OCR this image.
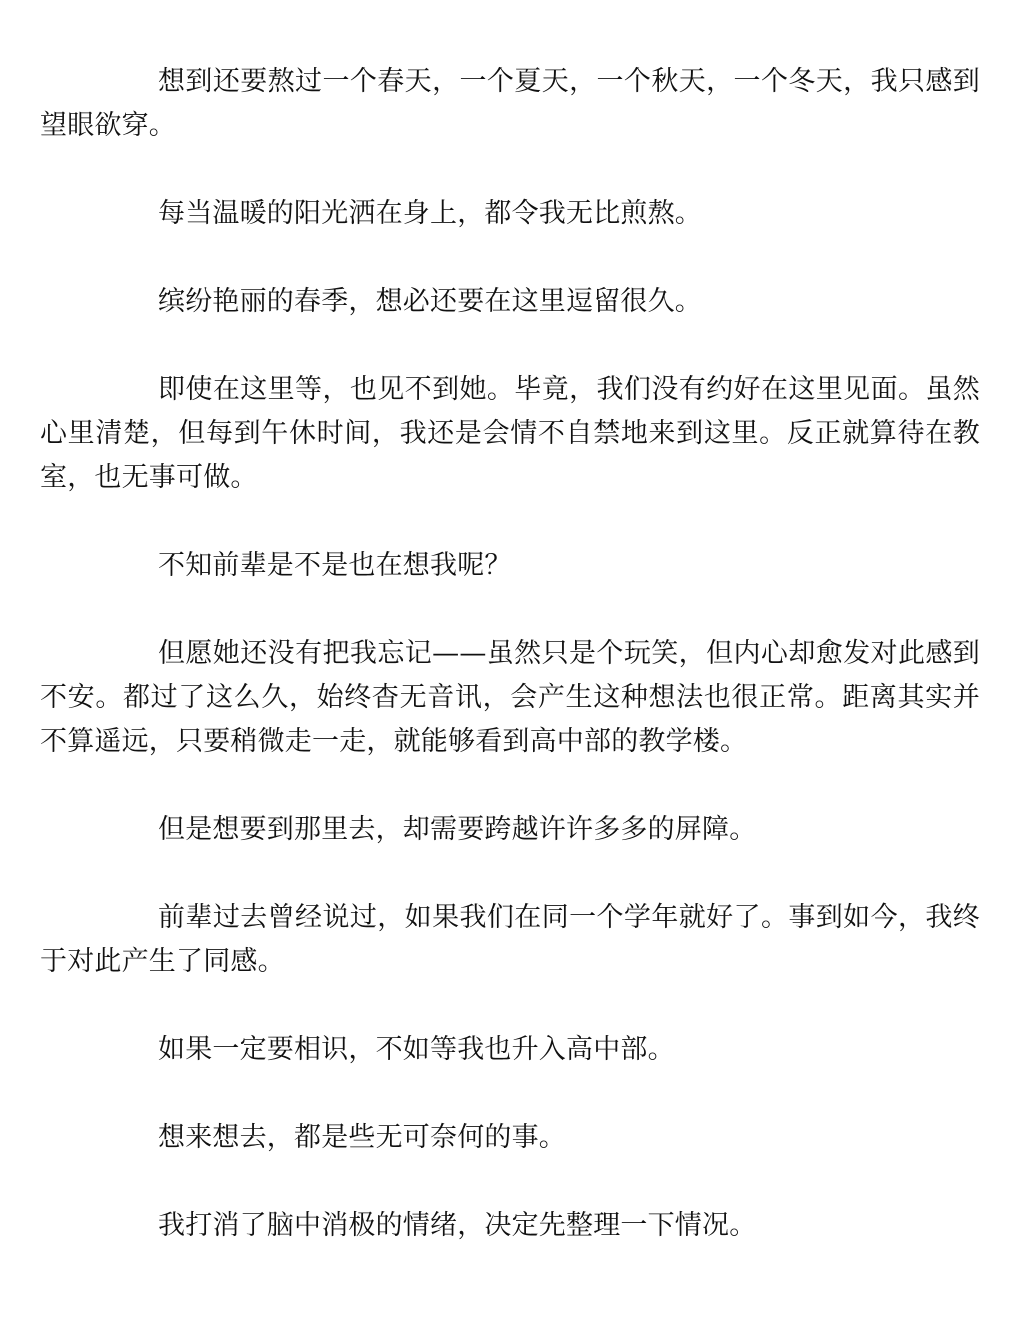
想到还要熬过一个春天，一个夏天，一个秋天，一个冬天，我只感到望眼欲穿。

每当温暖的阳光洒在身上，都令我无比煎熬。

缤纷艳丽的春季，想必还要在这里逗留很久。

即使在这里等，也见不到她。毕竟，我们没有约好在这里见面。虽然心里清楚，但每到午休时间，我还是会情不自禁地来到这里。反正就算待在教室，也无事可做。

不知前辈是不是也在想我呢？

但愿她还没有把我忘记——虽然只是个玩笑，但内心却愈发对此感到不安。都过了这么久，始终杳无音讯，会产生这种想法也很正常。距离其实并不算遥远，只要稍微走一走，就能够看到高中部的教学楼。

但是想要到那里去，却需要跨越许许多多的屏障。

前辈过去曾经说过，如果我们在同一个学年就好了。事到如今，我终于对此产生了同感。

如果一定要相识，不如等我也升入高中部。

想来想去，都是些无可奈何的事。

我打消了脑中消极的情绪，决定先整理一下情况。
